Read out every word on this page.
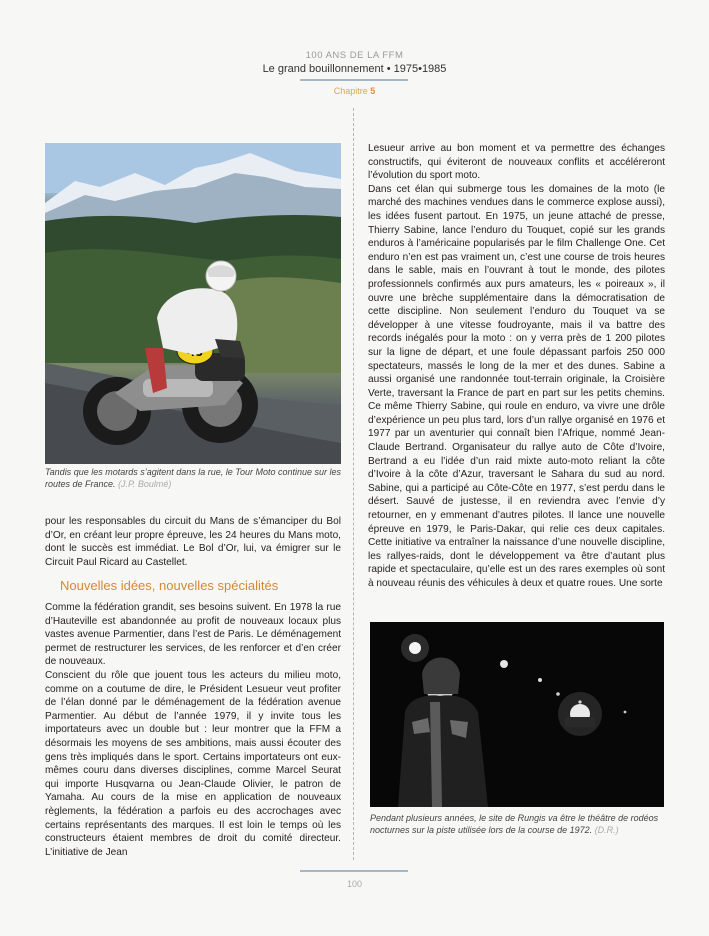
100 ANS DE LA FFM
Le grand bouillonnement • 1975•1985
Chapitre 5
Tandis que les motards s’agitent dans la rue, le Tour Moto continue sur les routes de France. (J.P. Boulmé)

pour les responsables du circuit du Mans de s’émanciper du Bol d’Or, en créant leur propre épreuve, les 24 heures du Mans moto, dont le succès est immédiat. Le Bol d’Or, lui, va émigrer sur le Circuit Paul Ricard au Castellet.

Nouvelles idées, nouvelles spécialités

Comme la fédération grandit, ses besoins suivent. En 1978 la rue d’Hauteville est abandonnée au profit de nouveaux locaux plus vastes avenue Parmentier, dans l’est de Paris. Le déménagement permet de restructurer les services, de les renforcer et d’en créer de nouveaux.

Conscient du rôle que jouent tous les acteurs du milieu moto, comme on a coutume de dire, le Président Lesueur veut profiter de l’élan donné par le déménagement de la fédération avenue Parmentier. Au début de l’année 1979, il y invite tous les importateurs avec un double but : leur montrer que la FFM a désormais les moyens de ses ambitions, mais aussi écouter des gens très impliqués dans le sport. Certains importateurs ont eux-mêmes couru dans diverses disciplines, comme Marcel Seurat qui importe Husqvarna ou Jean-Claude Olivier, le patron de Yamaha. Au cours de la mise en application de nouveaux règlements, la fédération a parfois eu des accrochages avec certains représentants des marques. Il est loin le temps où les constructeurs étaient membres de droit du comité directeur. L’initiative de Jean

Lesueur arrive au bon moment et va permettre des échanges constructifs, qui éviteront de nouveaux conflits et accéléreront l’évolution du sport moto.

Dans cet élan qui submerge tous les domaines de la moto (le marché des machines vendues dans le commerce explose aussi), les idées fusent partout. En 1975, un jeune attaché de presse, Thierry Sabine, lance l’enduro du Touquet, copié sur les grands enduros à l’américaine popularisés par le film Challenge One. Cet enduro n’en est pas vraiment un, c’est une course de trois heures dans le sable, mais en l’ouvrant à tout le monde, des pilotes professionnels confirmés aux purs amateurs, les « poireaux », il ouvre une brèche supplémentaire dans la démocratisation de cette discipline. Non seulement l’enduro du Touquet va se développer à une vitesse foudroyante, mais il va battre des records inégalés pour la moto : on y verra près de 1 200 pilotes sur la ligne de départ, et une foule dépassant parfois 250 000 spectateurs, massés le long de la mer et des dunes. Sabine a aussi organisé une randonnée tout-terrain originale, la Croisière Verte, traversant la France de part en part sur les petits chemins. Ce même Thierry Sabine, qui roule en enduro, va vivre une drôle d’expérience un peu plus tard, lors d’un rallye organisé en 1976 et 1977 par un aventurier qui connaît bien l’Afrique, nommé Jean-Claude Bertrand. Organisateur du rallye auto de Côte d’Ivoire, Bertrand a eu l’idée d’un raid mixte auto-moto reliant la côte d’Ivoire à la côte d’Azur, traversant le Sahara du sud au nord. Sabine, qui a participé au Côte-Côte en 1977, s’est perdu dans le désert. Sauvé de justesse, il en reviendra avec l’envie d’y retourner, en y emmenant d’autres pilotes. Il lance une nouvelle épreuve en 1979, le Paris-Dakar, qui relie ces deux capitales. Cette initiative va entraîner la naissance d’une nouvelle discipline, les rallyes-raids, dont le développement va être d’autant plus rapide et spectaculaire, qu’elle est un des rares exemples où sont à nouveau réunis des véhicules à deux et quatre roues. Une sorte

Pendant plusieurs années, le site de Rungis va être le théâtre de rodéos nocturnes sur la piste utilisée lors de la course de 1972. (D.R.)
100
